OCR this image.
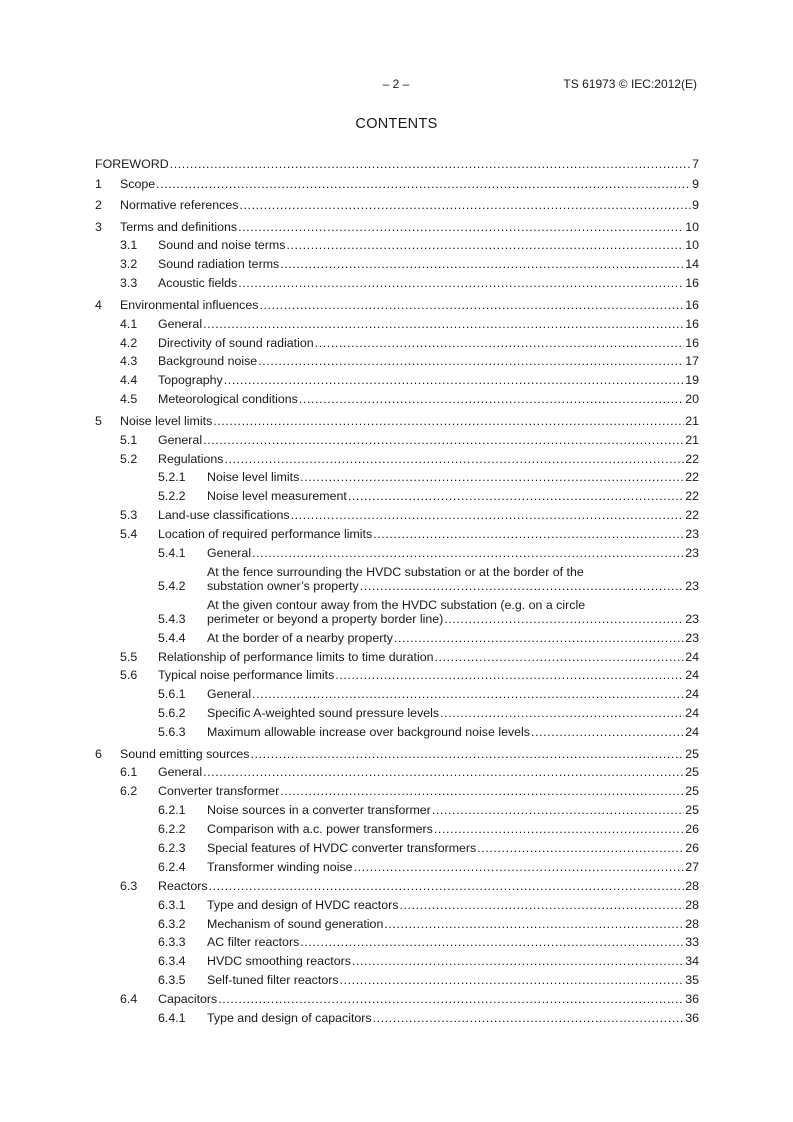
– 2 –	TS 61973 © IEC:2012(E)
CONTENTS
FOREWORD .....	7
1	Scope .....	9
2	Normative references .....	9
3	Terms and definitions .....	10
3.1	Sound and noise terms .....	10
3.2	Sound radiation terms .....	14
3.3	Acoustic fields .....	16
4	Environmental influences .....	16
4.1	General .....	16
4.2	Directivity of sound radiation .....	16
4.3	Background noise .....	17
4.4	Topography .....	19
4.5	Meteorological conditions .....	20
5	Noise level limits .....	21
5.1	General .....	21
5.2	Regulations .....	22
5.2.1	Noise level limits .....	22
5.2.2	Noise level measurement .....	22
5.3	Land-use classifications .....	22
5.4	Location of required performance limits .....	23
5.4.1	General .....	23
5.4.2
At the fence surrounding the HVDC substation or at the border of the
substation owner’s property .....	23
5.4.3
At the given contour away from the HVDC substation (e.g. on a circle
perimeter or beyond a property border line) .....	23
5.4.4	At the border of a nearby property .....	23
5.5	Relationship of performance limits to time duration .....	24
5.6	Typical noise performance limits .....	24
5.6.1	General .....	24
5.6.2	Specific A-weighted sound pressure levels .....	24
5.6.3	Maximum allowable increase over background noise levels .....	24
6	Sound emitting sources .....	25
6.1	General .....	25
6.2	Converter transformer .....	25
6.2.1	Noise sources in a converter transformer .....	25
6.2.2	Comparison with a.c. power transformers .....	26
6.2.3	Special features of HVDC converter transformers .....	26
6.2.4	Transformer winding noise .....	27
6.3	Reactors .....	28
6.3.1	Type and design of HVDC reactors .....	28
6.3.2	Mechanism of sound generation .....	28
6.3.3	AC filter reactors .....	33
6.3.4	HVDC smoothing reactors .....	34
6.3.5	Self-tuned filter reactors .....	35
6.4	Capacitors .....	36
6.4.1	Type and design of capacitors .....	36
